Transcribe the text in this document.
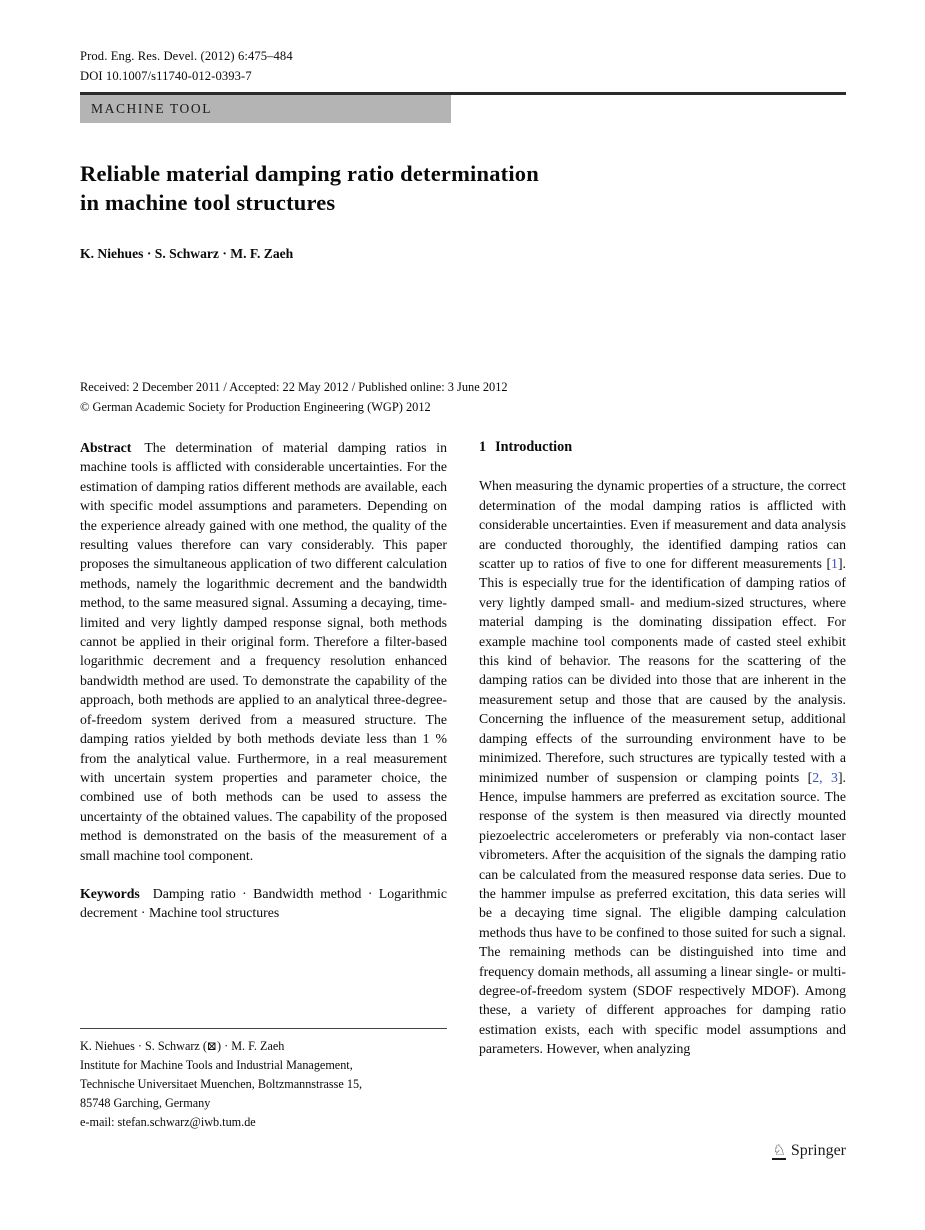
Prod. Eng. Res. Devel. (2012) 6:475–484
DOI 10.1007/s11740-012-0393-7
MACHINE TOOL
Reliable material damping ratio determination
in machine tool structures
K. Niehues · S. Schwarz · M. F. Zaeh
Received: 2 December 2011 / Accepted: 22 May 2012 / Published online: 3 June 2012
© German Academic Society for Production Engineering (WGP) 2012

Abstract The determination of material damping ratios in machine tools is afflicted with considerable uncertainties. For the estimation of damping ratios different methods are available, each with specific model assumptions and parameters. Depending on the experience already gained with one method, the quality of the resulting values therefore can vary considerably. This paper proposes the simultaneous application of two different calculation methods, namely the logarithmic decrement and the bandwidth method, to the same measured signal. Assuming a decaying, time-limited and very lightly damped response signal, both methods cannot be applied in their original form. Therefore a filter-based logarithmic decrement and a frequency resolution enhanced bandwidth method are used. To demonstrate the capability of the approach, both methods are applied to an analytical three-degree-of-freedom system derived from a measured structure. The damping ratios yielded by both methods deviate less than 1 % from the analytical value. Furthermore, in a real measurement with uncertain system properties and parameter choice, the combined use of both methods can be used to assess the uncertainty of the obtained values. The capability of the proposed method is demonstrated on the basis of the measurement of a small machine tool component.

Keywords Damping ratio · Bandwidth method · Logarithmic decrement · Machine tool structures

1 Introduction

When measuring the dynamic properties of a structure, the correct determination of the modal damping ratios is afflicted with considerable uncertainties. Even if measurement and data analysis are conducted thoroughly, the identified damping ratios can scatter up to ratios of five to one for different measurements [1]. This is especially true for the identification of damping ratios of very lightly damped small- and medium-sized structures, where material damping is the dominating dissipation effect. For example machine tool components made of casted steel exhibit this kind of behavior. The reasons for the scattering of the damping ratios can be divided into those that are inherent in the measurement setup and those that are caused by the analysis. Concerning the influence of the measurement setup, additional damping effects of the surrounding environment have to be minimized. Therefore, such structures are typically tested with a minimized number of suspension or clamping points [2, 3]. Hence, impulse hammers are preferred as excitation source. The response of the system is then measured via directly mounted piezoelectric accelerometers or preferably via non-contact laser vibrometers. After the acquisition of the signals the damping ratio can be calculated from the measured response data series. Due to the hammer impulse as preferred excitation, this data series will be a decaying time signal. The eligible damping calculation methods thus have to be confined to those suited for such a signal. The remaining methods can be distinguished into time and frequency domain methods, all assuming a linear single- or multi-degree-of-freedom system (SDOF respectively MDOF). Among these, a variety of different approaches for damping ratio estimation exists, each with specific model assumptions and parameters. However, when analyzing

K. Niehues · S. Schwarz (⊠) · M. F. Zaeh
Institute for Machine Tools and Industrial Management,
Technische Universitaet Muenchen, Boltzmannstrasse 15,
85748 Garching, Germany
e-mail: stefan.schwarz@iwb.tum.de
♘ Springer
